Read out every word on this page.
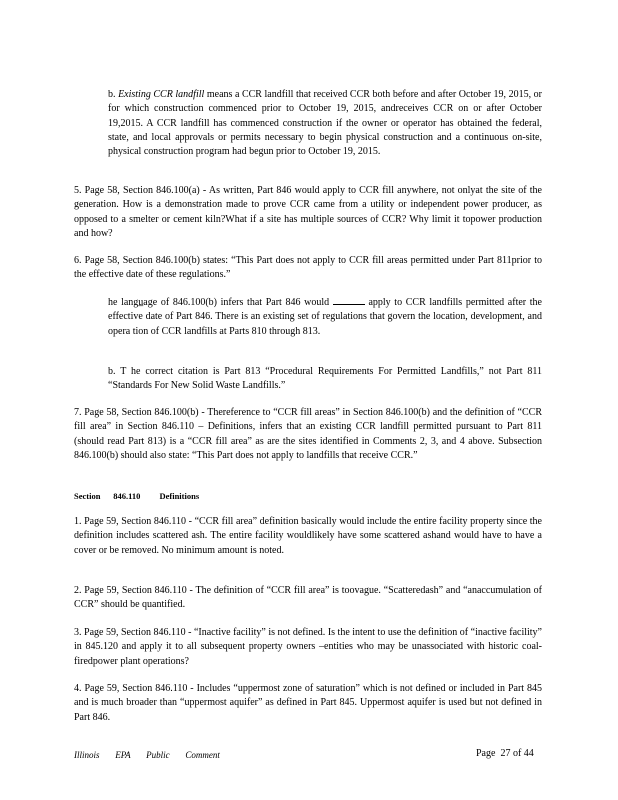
b. Existing CCR landfill means a CCR landfill that received CCR both before and after October 19, 2015, or for which construction commenced prior to October 19, 2015, andreceives CCR on or after October 19,2015. A CCR landfill has commenced construction if the owner or operator has obtained the federal, state, and local approvals or permits necessary to begin physical construction and a continuous on-site, physical construction program had begun prior to October 19, 2015.

5. Page 58, Section 846.100(a) - As written, Part 846 would apply to CCR fill anywhere, not onlyat the site of the generation. How is a demonstration made to prove CCR came from a utility or independent power producer, as opposed to a smelter or cement kiln?What if a site has multiple sources of CCR? Why limit it topower production and how?

6. Page 58, Section 846.100(b) states: “This Part does not apply to CCR fill areas permitted under Part 811prior to the effective date of these regulations.”

he langu̲age of 846.100(b) infers that Part 846 would	apply to CCR landfills permitted after the effective date of Part 846. There is an existing set of regulations that govern the location, development, and opera tion of CCR landfills at Parts 810 through 813.

b. T he correct citation is Part 813 “Procedural Requirements For Permitted Landfills,” not Part 811 “Standards For New Solid Waste Landfills.”

7. Page 58, Section 846.100(b) - Thereference to “CCR fill areas” in Section 846.100(b) and the definition of “CCR fill area” in Section 846.110 – Definitions, infers that an existing CCR landfill permitted pursuant to Part 811 (should read Part 813) is a “CCR fill area” as are the sites identified in Comments 2, 3, and 4 above. Subsection 846.100(b) should also state: “This Part does not apply to landfills that receive CCR.”

Section      846.110         Definitions

1. Page 59, Section 846.110 - “CCR fill area” definition basically would include the entire facility property since the definition includes scattered ash. The entire facility wouldlikely have some scattered ashand would have to have a cover or be removed. No minimum amount is noted.

2. Page 59, Section 846.110 - The definition of “CCR fill area” is toovague. “Scatteredash” and “anaccumulation of CCR” should be quantified.

3. Page 59, Section 846.110 - “Inactive facility” is not defined. Is the intent to use the definition of “inactive facility” in 845.120 and apply it to all subsequent property owners –entities who may be unassociated with historic coal-firedpower plant operations?

4. Page 59, Section 846.110 - Includes “uppermost zone of saturation” which is not defined or included in Part 845 and is much broader than “uppermost aquifer” as defined in Part 845. Uppermost aquifer is used but not defined in Part 846.

Illinois       EPA       Public       Comment	Page  27 of 44
